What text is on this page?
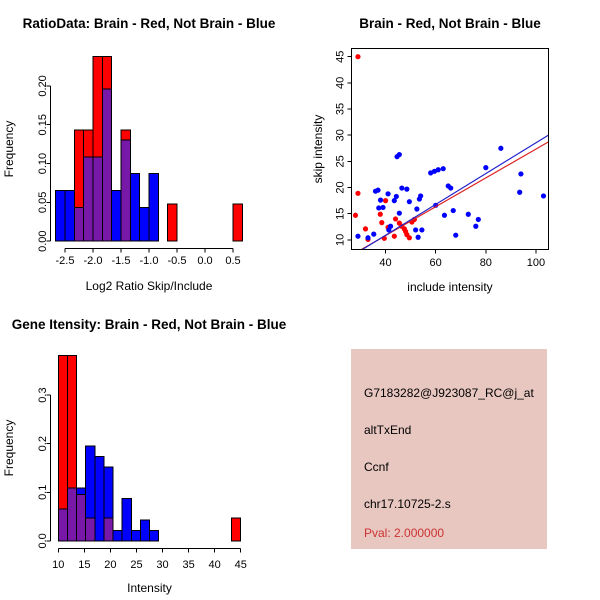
0.00
0.05
0.10
0.15
0.20
-2.5 -2.0 -1.5 -1.0 -0.5 0.0 0.5
RatioData: Brain - Red, Not Brain - Blue
Log2 Ratio Skip/Include
Frequency
40	60	80	100
10
15
20
25
30
35
40
45
Brain - Red, Not Brain - Blue
include intensity
skip intensity
0.0
0.1
0.2
0.3
10 15 20 25 30 35 40 45
Gene Itensity: Brain - Red, Not Brain - Blue
Intensity
Frequency
G7183282@J923087_RC@j_at
altTxEnd
Ccnf
chr17.10725-2.s
Pval: 2.000000
